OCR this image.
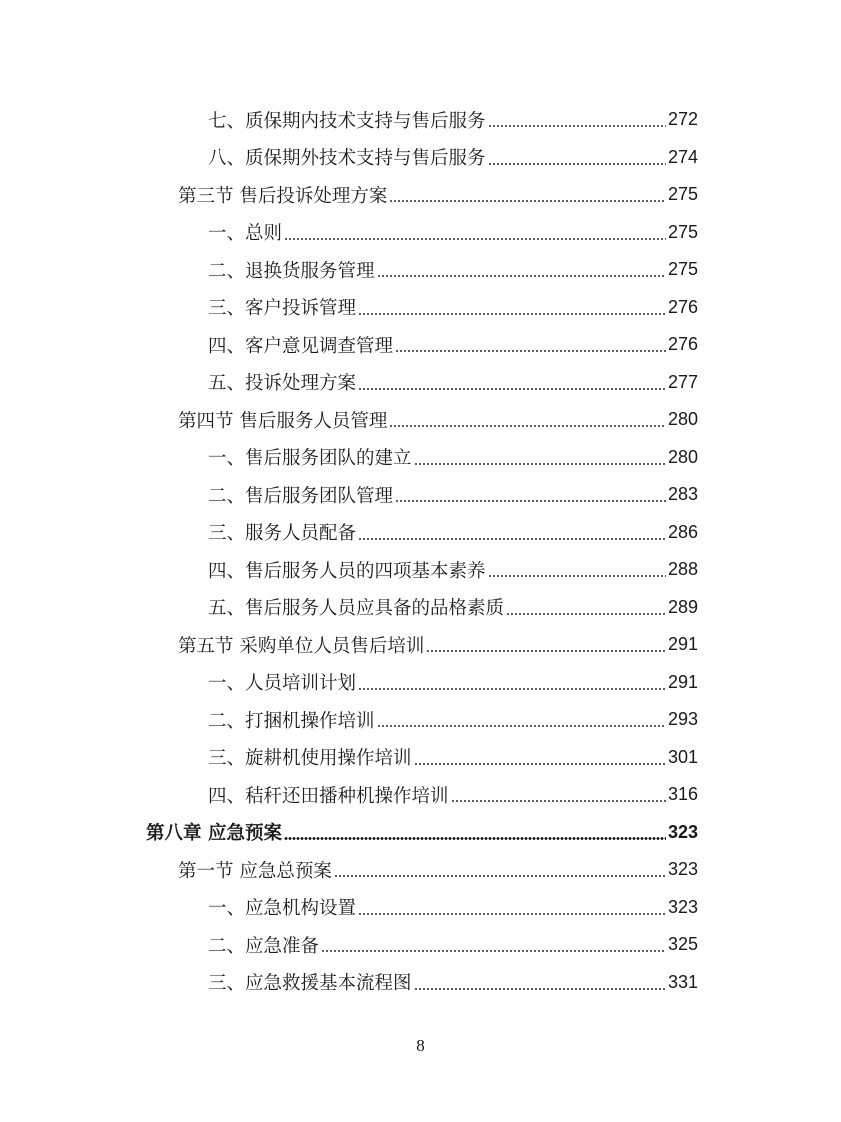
七、质保期内技术支持与售后服务	272
八、质保期外技术支持与售后服务	274
第三节 售后投诉处理方案	275
一、总则	275
二、退换货服务管理	275
三、客户投诉管理	276
四、客户意见调查管理	276
五、投诉处理方案	277
第四节 售后服务人员管理	280
一、售后服务团队的建立	280
二、售后服务团队管理	283
三、服务人员配备	286
四、售后服务人员的四项基本素养	288
五、售后服务人员应具备的品格素质	289
第五节 采购单位人员售后培训	291
一、人员培训计划	291
二、打捆机操作培训	293
三、旋耕机使用操作培训	301
四、秸秆还田播种机操作培训	316
第八章 应急预案	323
第一节 应急总预案	323
一、应急机构设置	323
二、应急准备	325
三、应急救援基本流程图	331
8
